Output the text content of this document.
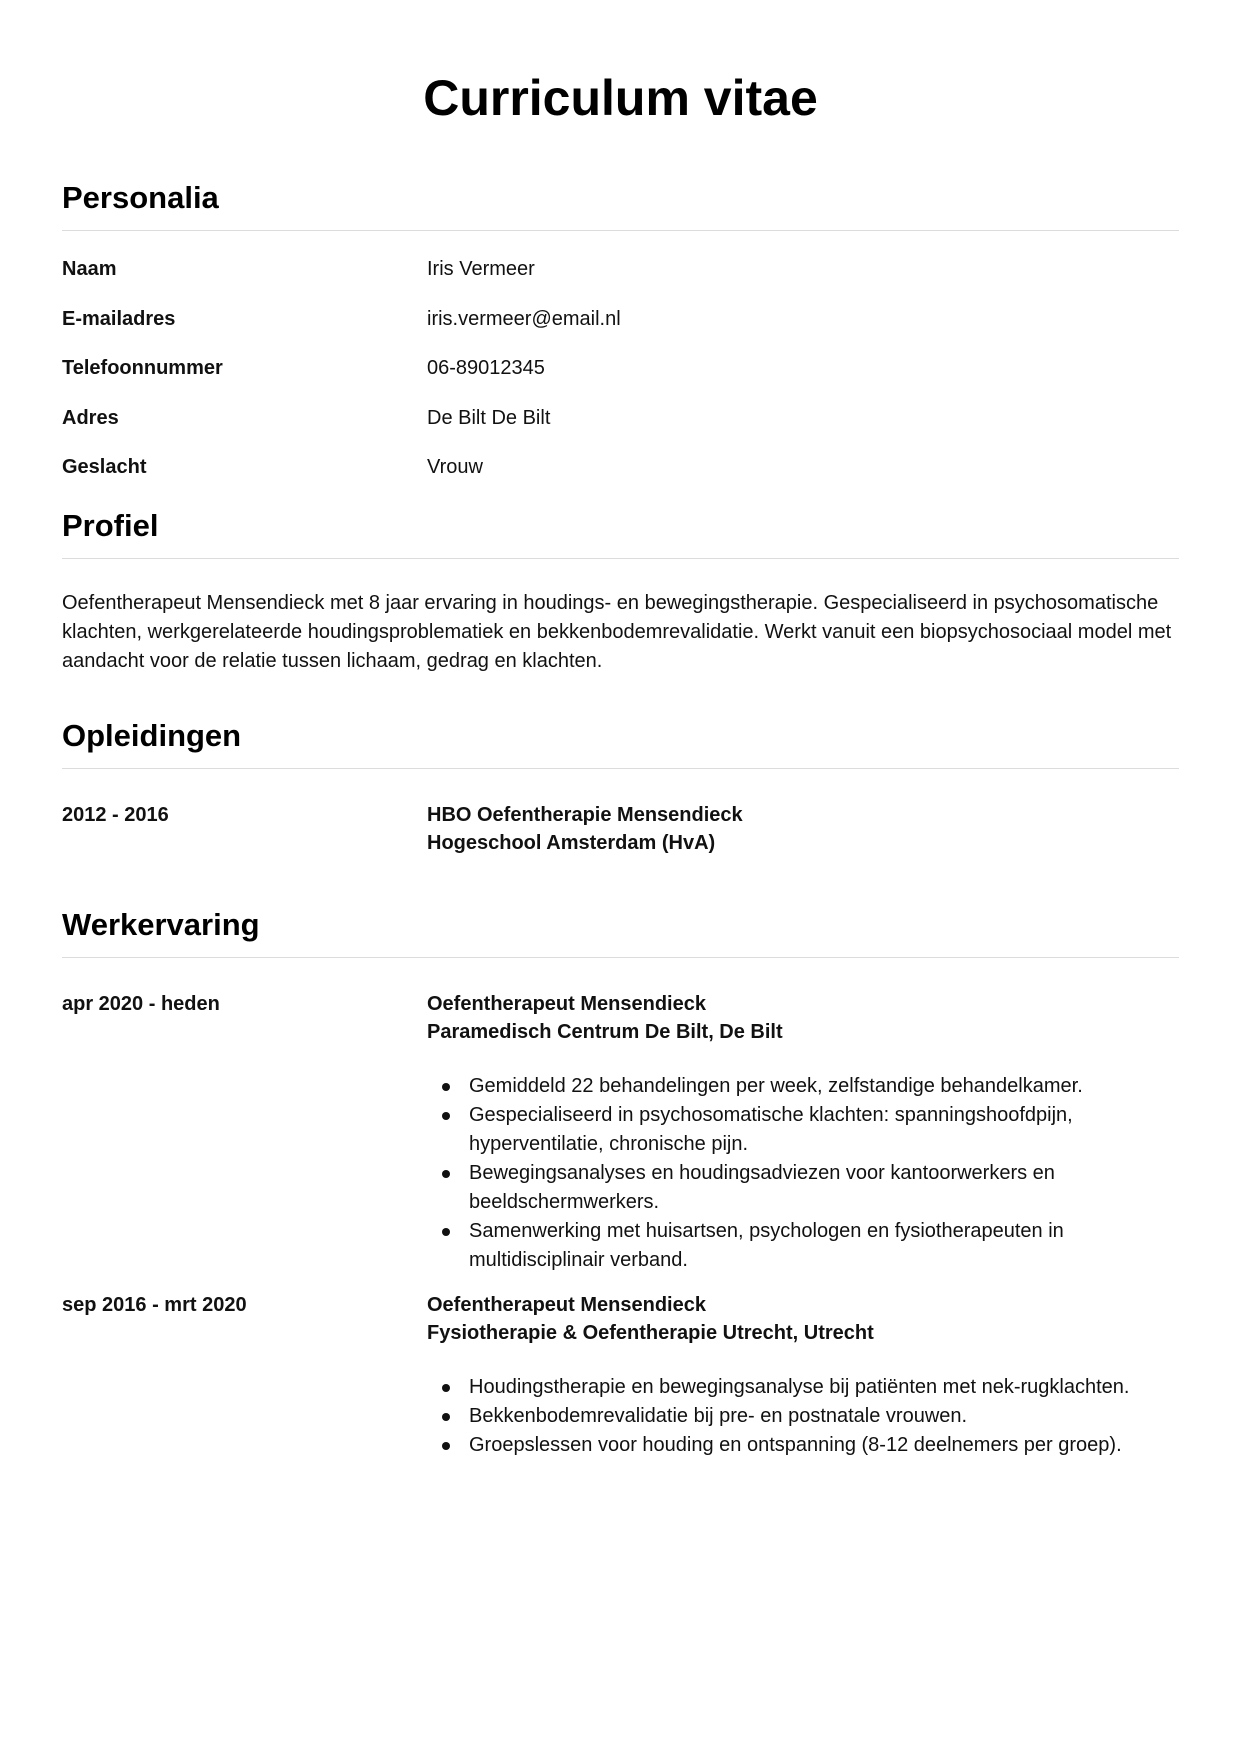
Curriculum vitae
Personalia
Naam	Iris Vermeer
E-mailadres	iris.vermeer@email.nl
Telefoonnummer	06-89012345
Adres	De Bilt De Bilt
Geslacht	Vrouw
Profiel

Oefentherapeut Mensendieck met 8 jaar ervaring in houdings- en bewegingstherapie. Gespecialiseerd in psychosomatische klachten, werkgerelateerde houdingsproblematiek en bekkenbodemrevalidatie. Werkt vanuit een biopsychosociaal model met aandacht voor de relatie tussen lichaam, gedrag en klachten.

Opleidingen
2012 - 2016	HBO Oefentherapie Mensendieck
Hogeschool Amsterdam (HvA)
Werkervaring
apr 2020 - heden	Oefentherapeut Mensendieck
Paramedisch Centrum De Bilt, De Bilt
Gemiddeld 22 behandelingen per week, zelfstandige behandelkamer.
Gespecialiseerd in psychosomatische klachten: spanningshoofdpijn, hyperventilatie, chronische pijn.
Bewegingsanalyses en houdingsadviezen voor kantoorwerkers en beeldschermwerkers.
Samenwerking met huisartsen, psychologen en fysiotherapeuten in multidisciplinair verband.
sep 2016 - mrt 2020	Oefentherapeut Mensendieck
Fysiotherapie & Oefentherapie Utrecht, Utrecht
Houdingstherapie en bewegingsanalyse bij patiënten met nek-rugklachten.
Bekkenbodemrevalidatie bij pre- en postnatale vrouwen.
Groepslessen voor houding en ontspanning (8-12 deelnemers per groep).
